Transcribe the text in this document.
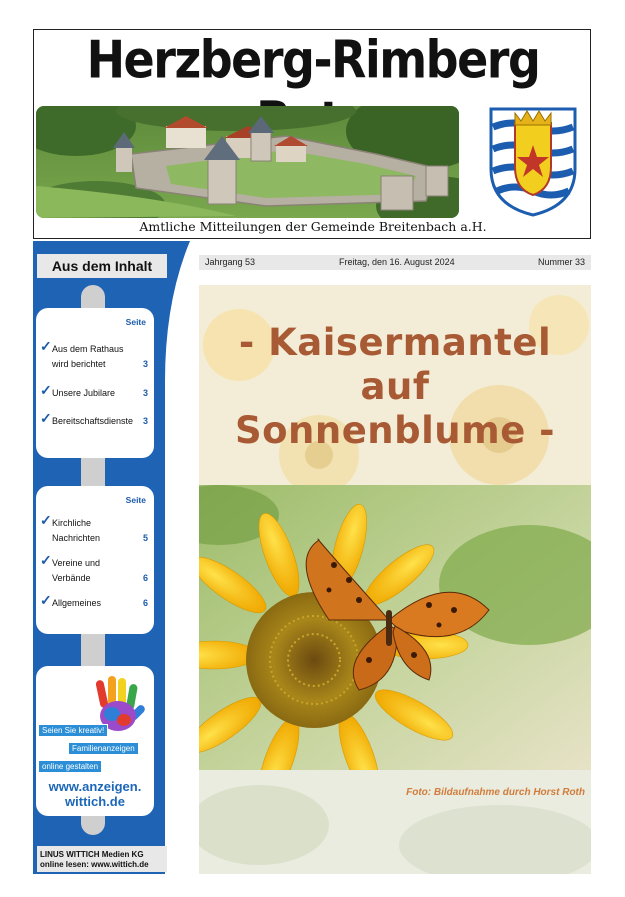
Herzberg-Rimberg
Amtliche Mitteilungen der Gemeinde Breitenbach a.H.
Aus dem Inhalt
Seite
✓ Aus dem Rathaus wird berichtet	3
✓ Unsere Jubilare	3
✓ Bereitschaftsdienste	3
Seite
✓ Kirchliche Nachrichten	5
✓ Vereine und Verbände	6
✓ Allgemeines	6
Seien Sie kreativ!
Familienanzeigen
online gestalten
www.anzeigen.
wittich.de
LINUS WITTICH Medien KG
online lesen: www.wittich.de
Jahrgang 53	Freitag, den 16. August 2024	Nummer 33
- Kaisermantel auf
Sonnenblume -
Foto: Bildaufnahme durch Horst Roth
